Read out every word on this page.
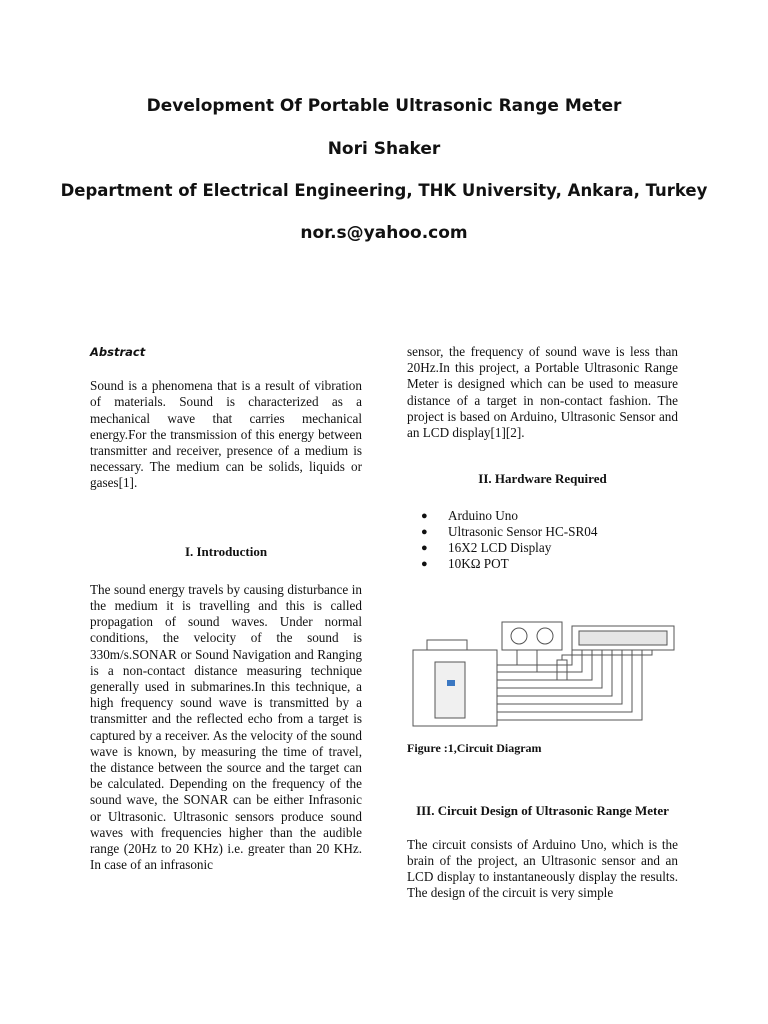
Development Of Portable Ultrasonic Range Meter
Nori Shaker
Department of Electrical Engineering, THK University, Ankara, Turkey
nor.s@yahoo.com
Abstract

Sound is a phenomena that is a result of vibration of materials. Sound is characterized as a mechanical wave that carries mechanical energy.For the transmission of this energy between transmitter and receiver, presence of a medium is necessary. The medium can be solids, liquids or gases[1].

I. Introduction

The sound energy travels by causing disturbance in the medium it is travelling and this is called propagation of sound waves. Under normal conditions, the velocity of the sound is 330m/s.SONAR or Sound Navigation and Ranging is a non-contact distance measuring technique generally used in submarines.In this technique, a high frequency sound wave is transmitted by a transmitter and the reflected echo from a target is captured by a receiver. As the velocity of the sound wave is known, by measuring the time of travel, the distance between the source and the target can be calculated. Depending on the frequency of the sound wave, the SONAR can be either Infrasonic or Ultrasonic. Ultrasonic sensors produce sound waves with frequencies higher than the audible range (20Hz to 20 KHz) i.e. greater than 20 KHz. In case of an infrasonic

sensor, the frequency of sound wave is less than 20Hz.In this project, a Portable Ultrasonic Range Meter is designed which can be used to measure distance of a target in non-contact fashion. The project is based on Arduino, Ultrasonic Sensor and an LCD display[1][2].

II. Hardware Required

● Arduino Uno
● Ultrasonic Sensor HC-SR04
● 16X2 LCD Display
● 10KΩ POT
Figure :1,Circuit Diagram

III. Circuit Design of Ultrasonic Range Meter

The circuit consists of Arduino Uno, which is the brain of the project, an Ultrasonic sensor and an LCD display to instantaneously display the results. The design of the circuit is very simple
